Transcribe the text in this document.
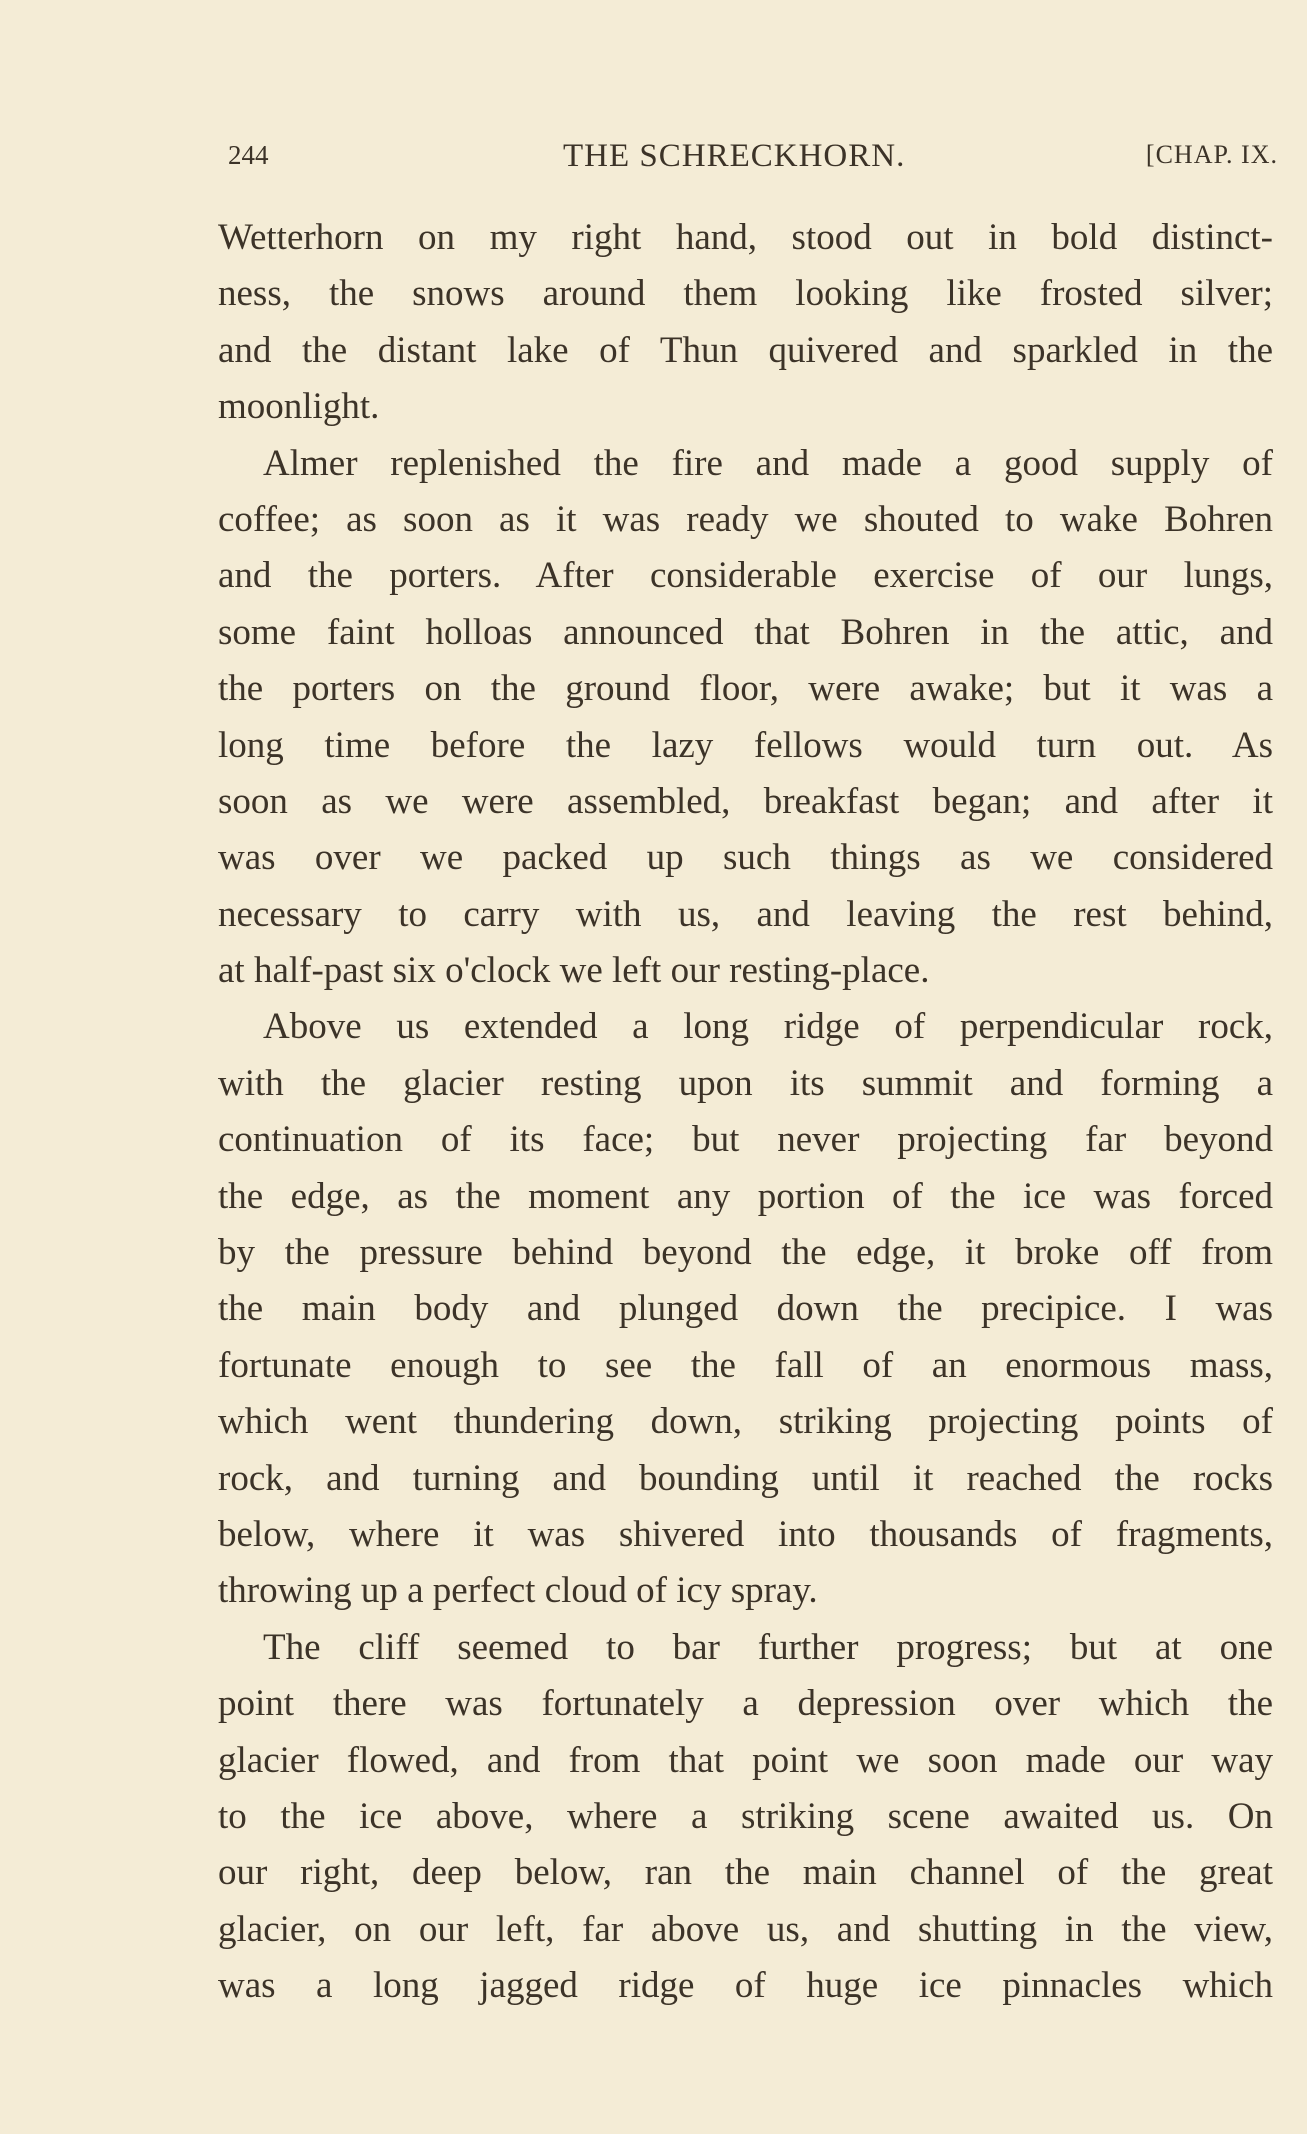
244	THE SCHRECKHORN.	[CHAP. IX.
Wetterhorn on my right hand, stood out in bold distinct-
ness, the snows around them looking like frosted silver;
and the distant lake of Thun quivered and sparkled in the
moonlight.
Almer replenished the fire and made a good supply of
coffee; as soon as it was ready we shouted to wake Bohren
and the porters. After considerable exercise of our lungs,
some faint holloas announced that Bohren in the attic, and
the porters on the ground floor, were awake; but it was a
long time before the lazy fellows would turn out. As
soon as we were assembled, breakfast began; and after it
was over we packed up such things as we considered
necessary to carry with us, and leaving the rest behind,
at half-past six o'clock we left our resting-place.
Above us extended a long ridge of perpendicular rock,
with the glacier resting upon its summit and forming a
continuation of its face; but never projecting far beyond
the edge, as the moment any portion of the ice was forced
by the pressure behind beyond the edge, it broke off from
the main body and plunged down the precipice. I was
fortunate enough to see the fall of an enormous mass,
which went thundering down, striking projecting points of
rock, and turning and bounding until it reached the rocks
below, where it was shivered into thousands of fragments,
throwing up a perfect cloud of icy spray.
The cliff seemed to bar further progress; but at one
point there was fortunately a depression over which the
glacier flowed, and from that point we soon made our way
to the ice above, where a striking scene awaited us. On
our right, deep below, ran the main channel of the great
glacier, on our left, far above us, and shutting in the view,
was a long jagged ridge of huge ice pinnacles which
